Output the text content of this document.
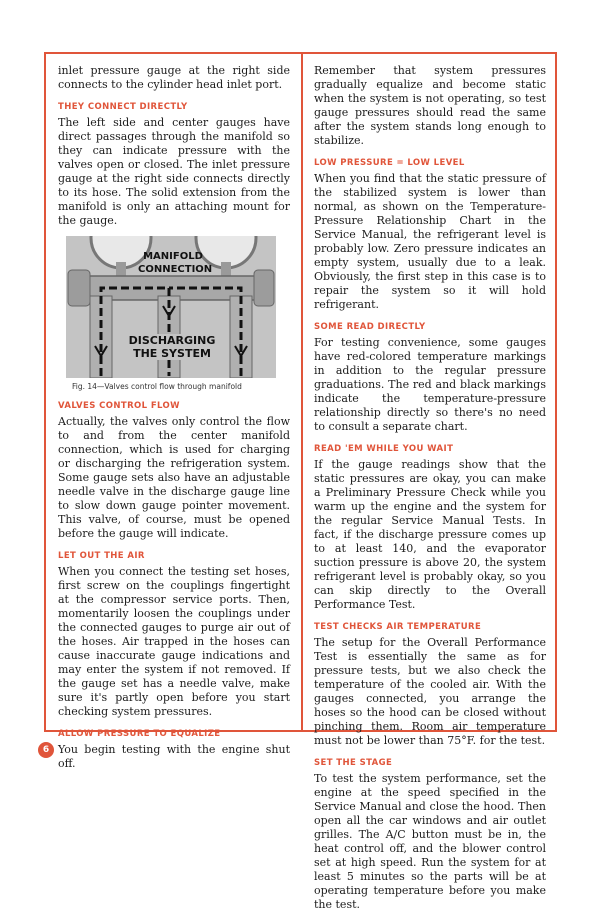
inlet pressure gauge at the right side connects to the cylinder head inlet port.

THEY CONNECT DIRECTLY

The left side and center gauges have direct passages through the manifold so they can indicate pressure with the valves open or closed. The inlet pressure gauge at the right side connects directly to its hose. The solid extension from the manifold is only an attaching mount for the gauge.

MANIFOLD CONNECTION
DISCHARGING THE SYSTEM
Fig. 14—Valves control flow through manifold
VALVES CONTROL FLOW

Actually, the valves only control the flow to and from the center manifold connection, which is used for charging or discharging the refrigeration system. Some gauge sets also have an adjustable needle valve in the discharge gauge line to slow down gauge pointer movement. This valve, of course, must be opened before the gauge will indicate.

LET OUT THE AIR

When you connect the testing set hoses, first screw on the couplings fingertight at the compressor service ports. Then, momentarily loosen the couplings under the connected gauges to purge air out of the hoses. Air trapped in the hoses can cause inaccurate gauge indications and may enter the system if not removed. If the gauge set has a needle valve, make sure it's partly open before you start checking system pressures.

ALLOW PRESSURE TO EQUALIZE

You begin testing with the engine shut off.

Remember that system pressures gradually equalize and become static when the system is not operating, so test gauge pressures should read the same after the system stands long enough to stabilize.

LOW PRESSURE = LOW LEVEL

When you find that the static pressure of the stabilized system is lower than normal, as shown on the Temperature-Pressure Relationship Chart in the Service Manual, the refrigerant level is probably low. Zero pressure indicates an empty system, usually due to a leak. Obviously, the first step in this case is to repair the system so it will hold refrigerant.

SOME READ DIRECTLY

For testing convenience, some gauges have red-colored temperature markings in addition to the regular pressure graduations. The red and black markings indicate the temperature-pressure relationship directly so there's no need to consult a separate chart.

READ 'EM WHILE YOU WAIT

If the gauge readings show that the static pressures are okay, you can make a Preliminary Pressure Check while you warm up the engine and the system for the regular Service Manual Tests. In fact, if the discharge pressure comes up to at least 140, and the evaporator suction pressure is above 20, the system refrigerant level is probably okay, so you can skip directly to the Overall Performance Test.

TEST CHECKS AIR TEMPERATURE

The setup for the Overall Performance Test is essentially the same as for pressure tests, but we also check the temperature of the cooled air. With the gauges connected, you arrange the hoses so the hood can be closed without pinching them. Room air temperature must not be lower than 75°F. for the test.

SET THE STAGE

To test the system performance, set the engine at the speed specified in the Service Manual and close the hood. Then open all the car windows and air outlet grilles. The A/C button must be in, the heat control off, and the blower control set at high speed. Run the system for at least 5 minutes so the parts will be at operating temperature before you make the test.

6
